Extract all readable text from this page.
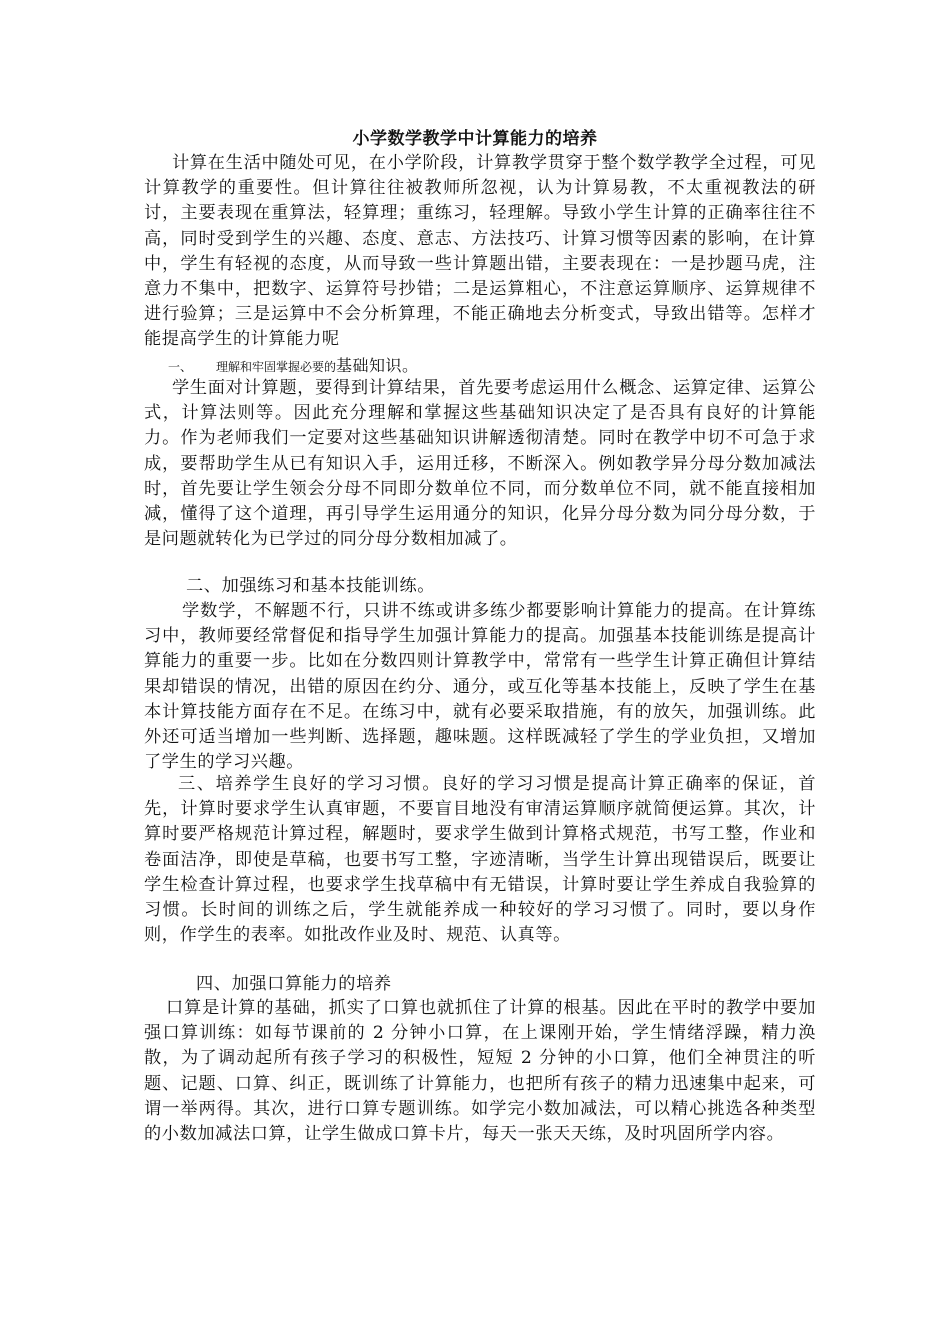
小学数学教学中计算能力的培养
计算在生活中随处可见，在小学阶段，计算教学贯穿于整个数学教学全过程，可见计算教学的重要性。但计算往往被教师所忽视，认为计算易教，不太重视教法的研讨，主要表现在重算法，轻算理；重练习，轻理解。导致小学生计算的正确率往往不高，同时受到学生的兴趣、态度、意志、方法技巧、计算习惯等因素的影响，在计算中，学生有轻视的态度，从而导致一些计算题出错，主要表现在：一是抄题马虎，注意力不集中，把数字、运算符号抄错；二是运算粗心，不注意运算顺序、运算规律不进行验算；三是运算中不会分析算理，不能正确地去分析变式，导致出错等。怎样才能提高学生的计算能力呢
一、 理解和牢固掌握必要的基础知识。
学生面对计算题，要得到计算结果，首先要考虑运用什么概念、运算定律、运算公式，计算法则等。因此充分理解和掌握这些基础知识决定了是否具有良好的计算能力。作为老师我们一定要对这些基础知识讲解透彻清楚。同时在教学中切不可急于求成，要帮助学生从已有知识入手，运用迁移，不断深入。例如教学异分母分数加减法时，首先要让学生领会分母不同即分数单位不同，而分数单位不同，就不能直接相加减，懂得了这个道理，再引导学生运用通分的知识，化异分母分数为同分母分数，于是问题就转化为已学过的同分母分数相加减了。
二、加强练习和基本技能训练。
学数学，不解题不行，只讲不练或讲多练少都要影响计算能力的提高。在计算练习中，教师要经常督促和指导学生加强计算能力的提高。加强基本技能训练是提高计算能力的重要一步。比如在分数四则计算教学中，常常有一些学生计算正确但计算结果却错误的情况，出错的原因在约分、通分，或互化等基本技能上，反映了学生在基本计算技能方面存在不足。在练习中，就有必要采取措施，有的放矢，加强训练。此外还可适当增加一些判断、选择题，趣味题。这样既减轻了学生的学业负担，又增加了学生的学习兴趣。
三、培养学生良好的学习习惯。良好的学习习惯是提高计算正确率的保证，首先，计算时要求学生认真审题，不要盲目地没有审清运算顺序就简便运算。其次，计算时要严格规范计算过程，解题时，要求学生做到计算格式规范，书写工整，作业和卷面洁净，即使是草稿，也要书写工整，字迹清晰，当学生计算出现错误后，既要让学生检查计算过程，也要求学生找草稿中有无错误，计算时要让学生养成自我验算的习惯。长时间的训练之后，学生就能养成一种较好的学习习惯了。同时，要以身作则，作学生的表率。如批改作业及时、规范、认真等。
四、加强口算能力的培养
口算是计算的基础，抓实了口算也就抓住了计算的根基。因此在平时的教学中要加强口算训练：如每节课前的 2 分钟小口算，在上课刚开始，学生情绪浮躁，精力涣散，为了调动起所有孩子学习的积极性，短短 2 分钟的小口算，他们全神贯注的听题、记题、口算、纠正，既训练了计算能力，也把所有孩子的精力迅速集中起来，可谓一举两得。其次，进行口算专题训练。如学完小数加减法，可以精心挑选各种类型的小数加减法口算，让学生做成口算卡片，每天一张天天练，及时巩固所学内容。
